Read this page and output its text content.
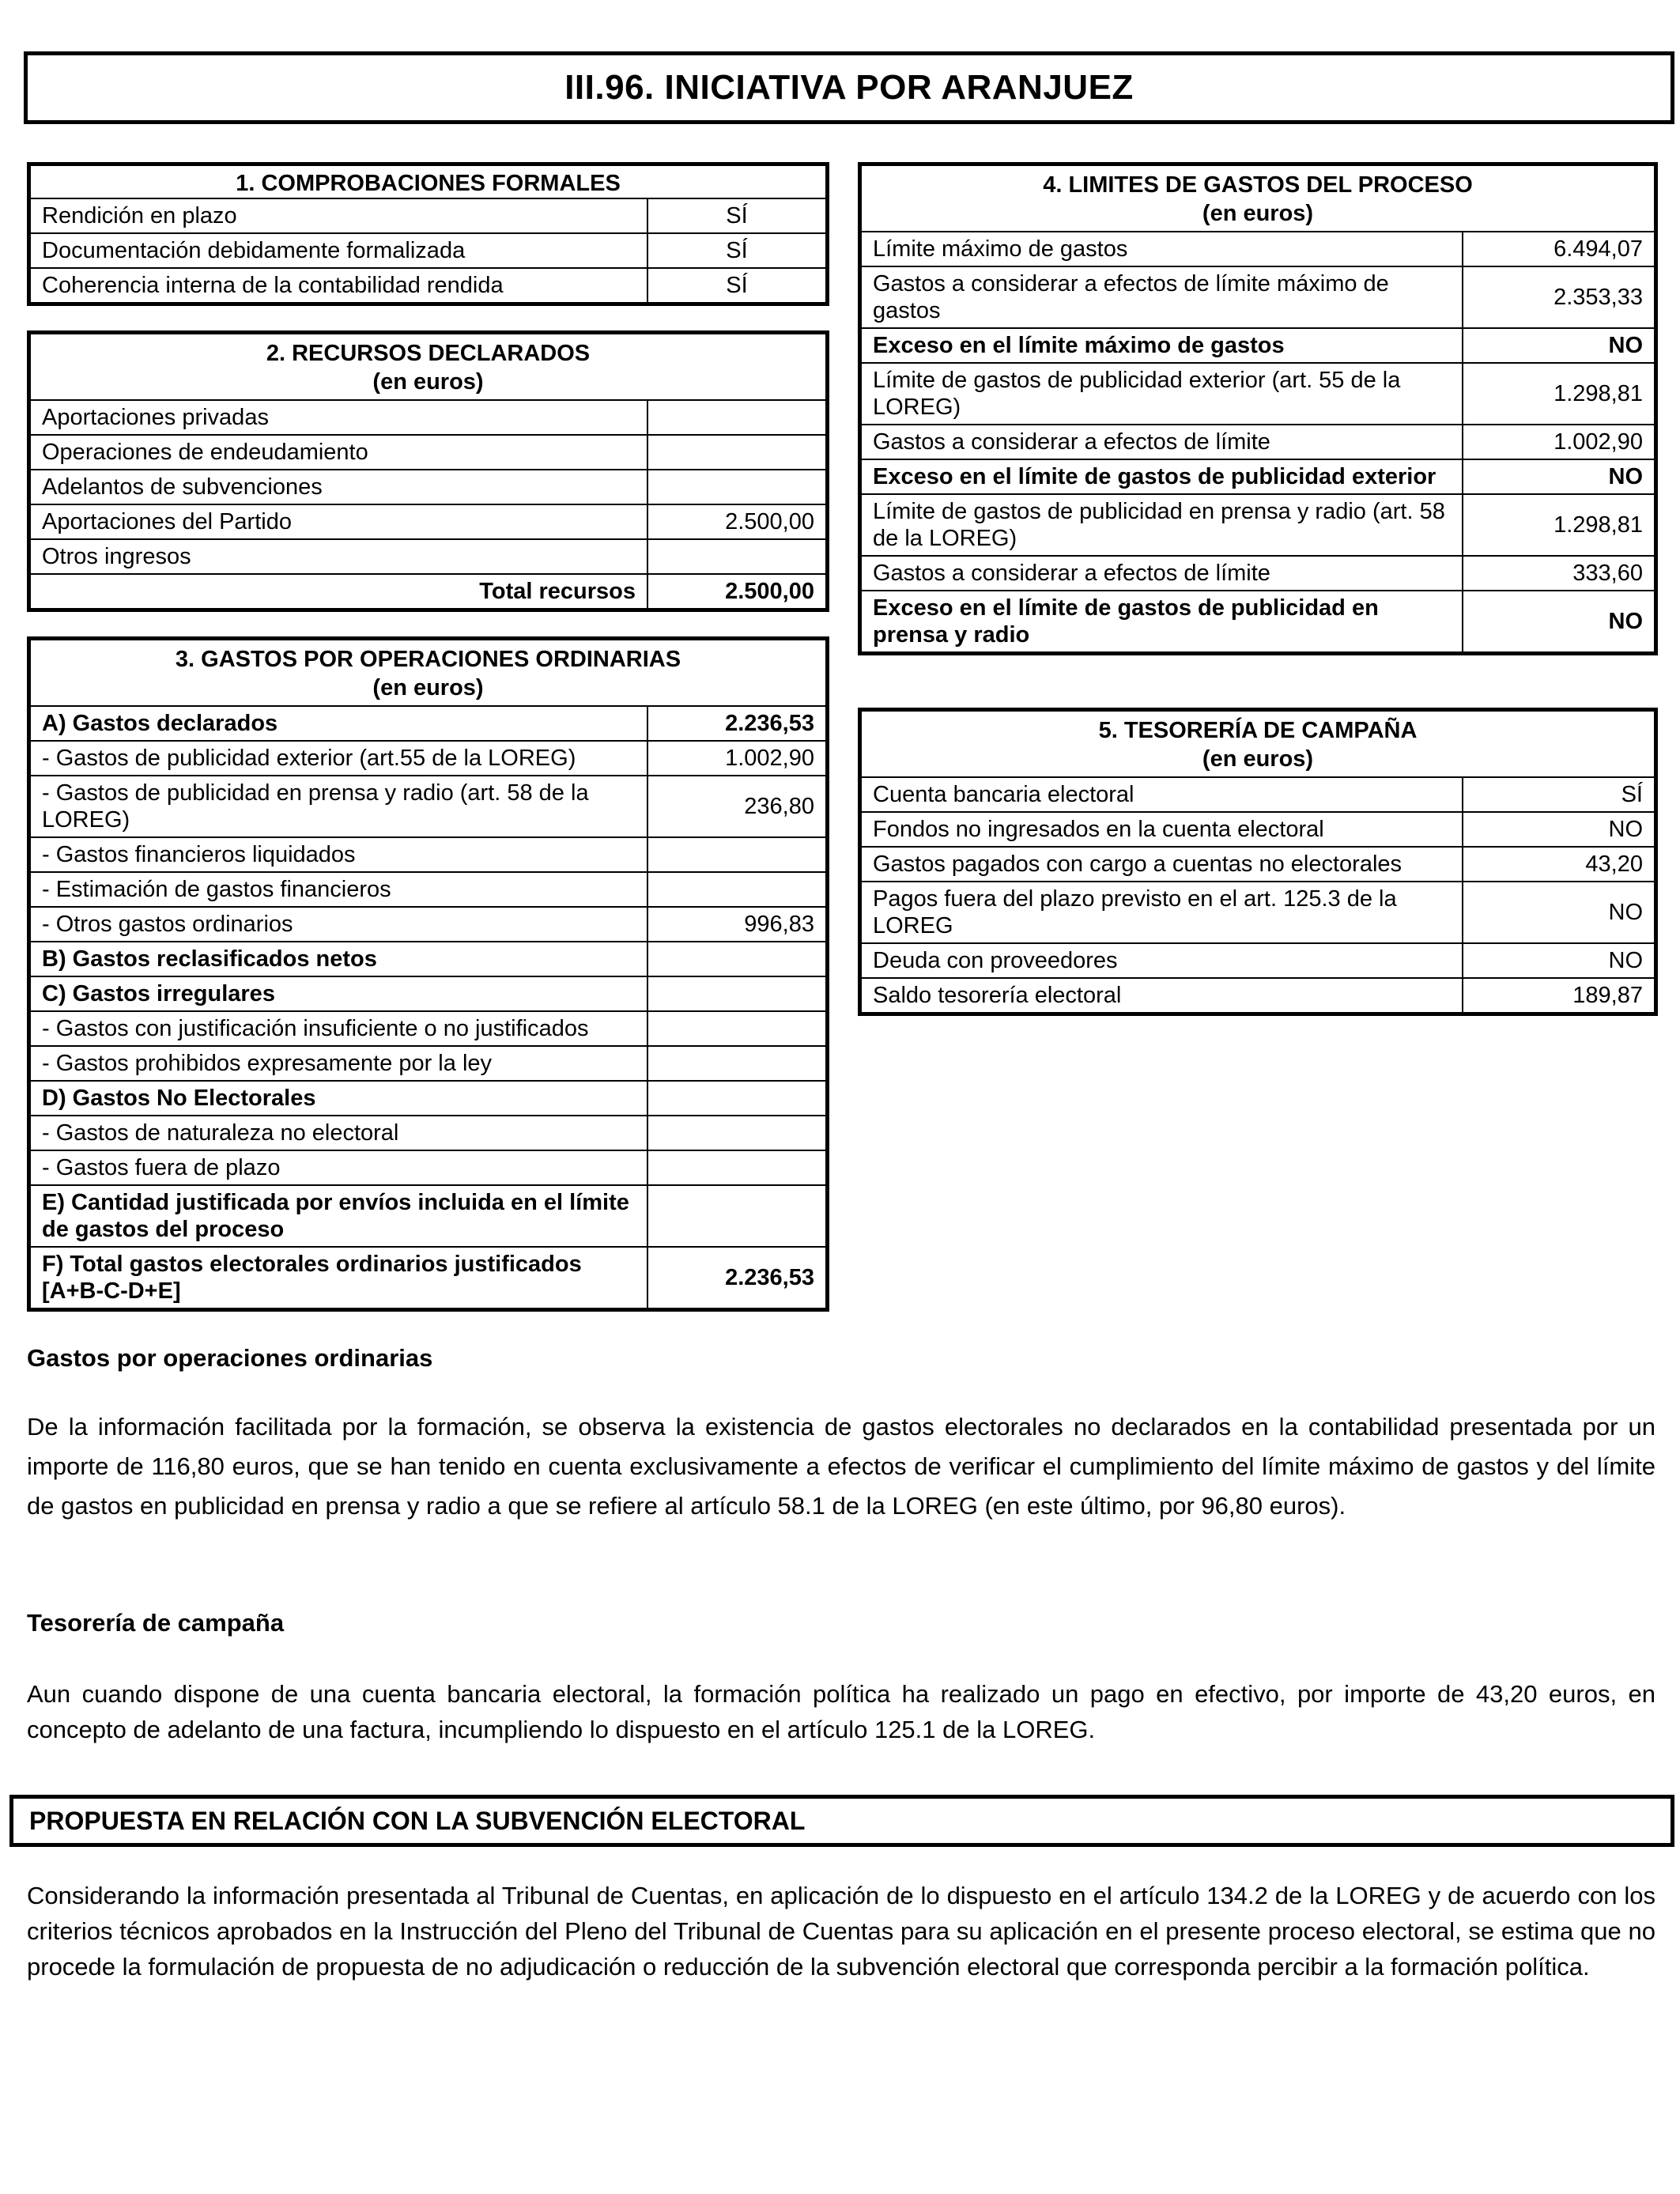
III.96. INICIATIVA POR ARANJUEZ
1. COMPROBACIONES FORMALES
Rendición en plazo	SÍ
Documentación debidamente formalizada	SÍ
Coherencia interna de la contabilidad rendida	SÍ
2. RECURSOS DECLARADOS
(en euros)
Aportaciones privadas	
Operaciones de endeudamiento	
Adelantos de subvenciones	
Aportaciones del Partido	2.500,00
Otros ingresos	
Total recursos	2.500,00
3. GASTOS POR OPERACIONES ORDINARIAS
(en euros)
A) Gastos declarados	2.236,53
- Gastos de publicidad exterior (art.55 de la LOREG)	1.002,90
- Gastos de publicidad en prensa y radio (art. 58 de la LOREG)	236,80
- Gastos financieros liquidados	
- Estimación de gastos financieros	
- Otros gastos ordinarios	996,83
B) Gastos reclasificados netos	
C) Gastos irregulares	
- Gastos con justificación insuficiente o no justificados	
- Gastos prohibidos expresamente por la ley	
D) Gastos No Electorales	
- Gastos de naturaleza no electoral	
- Gastos fuera de plazo	
E) Cantidad justificada por envíos incluida en el límite de gastos del proceso	
F) Total gastos electorales ordinarios justificados [A+B-C-D+E]	2.236,53
4. LIMITES DE GASTOS DEL PROCESO
(en euros)
Límite máximo de gastos	6.494,07
Gastos a considerar a efectos de límite máximo de gastos	2.353,33
Exceso en el límite máximo de gastos	NO
Límite de gastos de publicidad exterior (art. 55 de la LOREG)	1.298,81
Gastos a considerar a efectos de límite	1.002,90
Exceso en el límite de gastos de publicidad exterior	NO
Límite de gastos de publicidad en prensa y radio (art. 58 de la LOREG)	1.298,81
Gastos a considerar a efectos de límite	333,60
Exceso en el límite de gastos de publicidad en prensa y radio	NO
5. TESORERÍA DE CAMPAÑA
(en euros)
Cuenta bancaria electoral	SÍ
Fondos no ingresados en la cuenta electoral	NO
Gastos pagados con cargo a cuentas no electorales	43,20
Pagos fuera del plazo previsto en el art. 125.3 de la LOREG	NO
Deuda con proveedores	NO
Saldo tesorería electoral	189,87
Gastos por operaciones ordinarias
De la información facilitada por la formación, se observa la existencia de gastos electorales no declarados en la contabilidad presentada por un importe de 116,80 euros, que se han tenido en cuenta exclusivamente a efectos de verificar el cumplimiento del límite máximo de gastos y del límite de gastos en publicidad en prensa y radio a que se refiere al artículo 58.1 de la LOREG (en este último, por 96,80 euros).
Tesorería de campaña
Aun cuando dispone de una cuenta bancaria electoral, la formación política ha realizado un pago en efectivo, por importe de 43,20 euros, en concepto de adelanto de una factura, incumpliendo lo dispuesto en el artículo 125.1 de la LOREG.
PROPUESTA EN RELACIÓN CON LA SUBVENCIÓN ELECTORAL
Considerando la información presentada al Tribunal de Cuentas, en aplicación de lo dispuesto en el artículo 134.2 de la LOREG y de acuerdo con los criterios técnicos aprobados en la Instrucción del Pleno del Tribunal de Cuentas para su aplicación en el presente proceso electoral, se estima que no procede la formulación de propuesta de no adjudicación o reducción de la subvención electoral que corresponda percibir a la formación política.
